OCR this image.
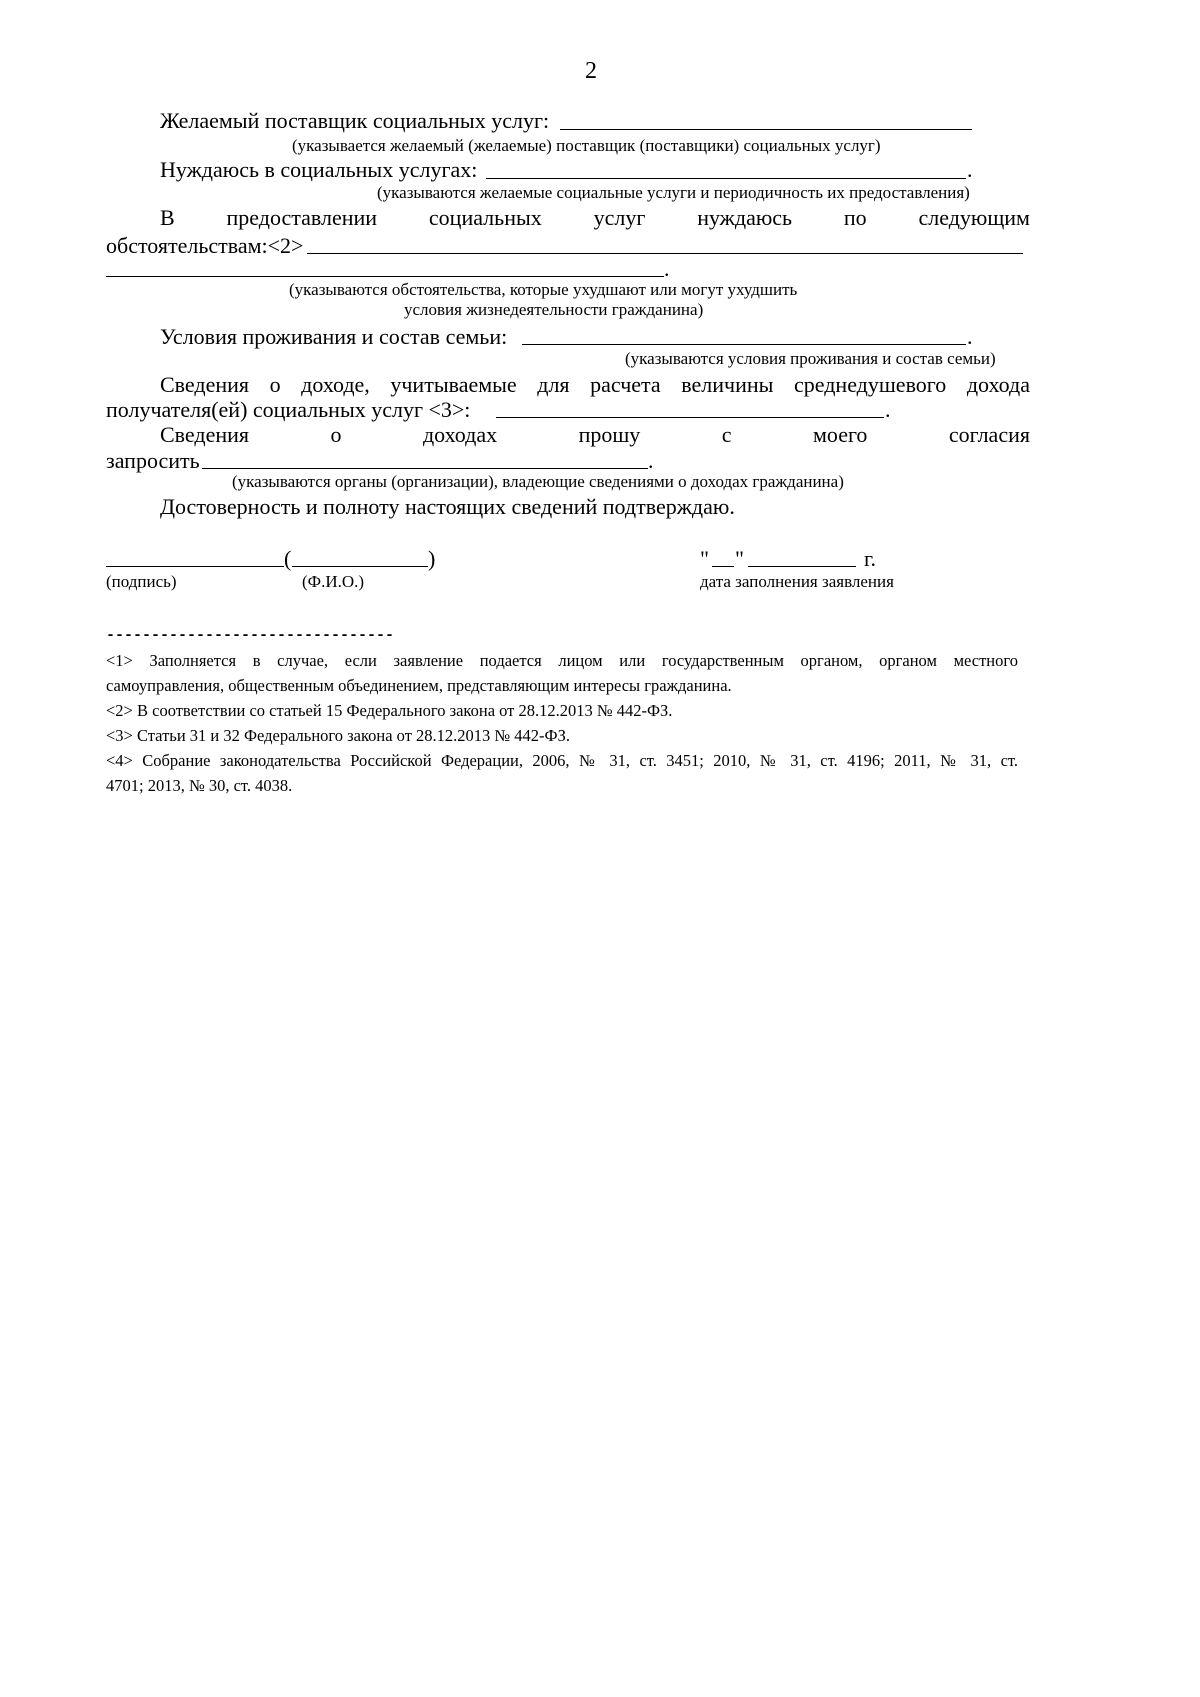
2
Желаемый поставщик социальных услуг:
(указывается желаемый (желаемые) поставщик (поставщики) социальных услуг)
Нуждаюсь в социальных услугах:	.
(указываются желаемые социальные услуги и периодичность их предоставления)
В предоставлении социальных услуг нуждаюсь по следующим
обстоятельствам:<2>
.
(указываются обстоятельства, которые ухудшают или могут ухудшить
условия жизнедеятельности гражданина)
Условия проживания и состав семьи:	.
(указываются условия проживания и состав семьи)
Сведения о доходе, учитываемые для расчета величины среднедушевого дохода
получателя(ей) социальных услуг <3>:	.
Сведения	о	доходах	прошу	с	моего	согласия
запросить	.
(указываются органы (организации), владеющие сведениями о доходах гражданина)
Достоверность и полноту настоящих сведений подтверждаю.
(	)	" "	г.
(подпись)	(Ф.И.О.)	дата заполнения заявления
--------------------------------
<1> Заполняется в случае, если заявление подается лицом или государственным органом, органом местного
самоуправления, общественным объединением, представляющим интересы гражданина.
<2> В соответствии со статьей 15 Федерального закона от 28.12.2013 № 442-ФЗ.
<3> Статьи 31 и 32 Федерального закона от 28.12.2013 № 442-ФЗ.
<4> Собрание законодательства Российской Федерации, 2006, № 31, ст. 3451; 2010, № 31, ст. 4196; 2011, № 31, ст.
4701; 2013, № 30, ст. 4038.
